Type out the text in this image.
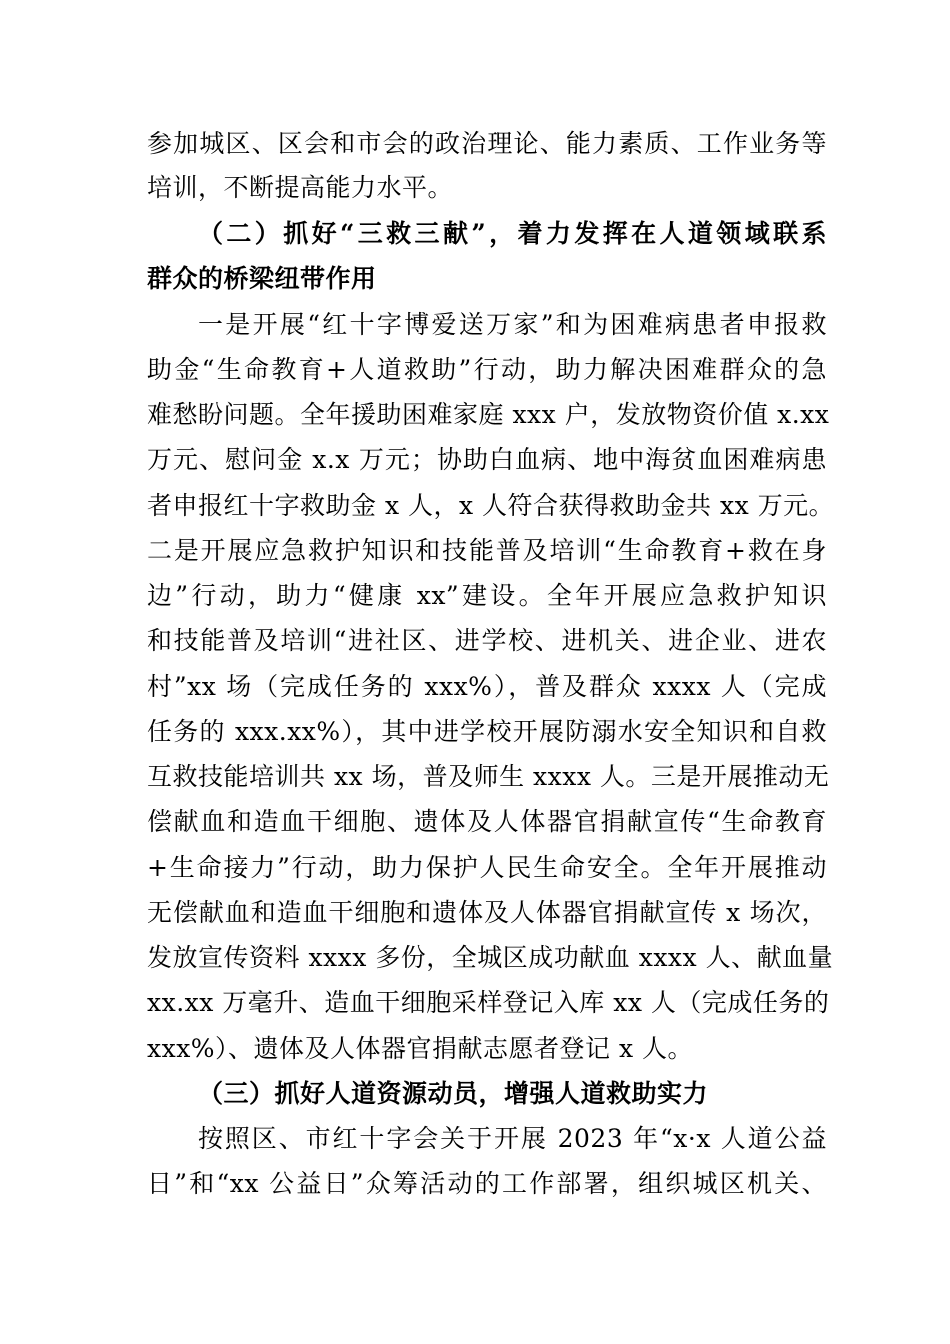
参加城区、区会和市会的政治理论、能力素质、工作业务等
培训，不断提高能力水平。
（二）抓好“三救三献”，着力发挥在人道领域联系
群众的桥梁纽带作用
一是开展“红十字博爱送万家”和为困难病患者申报救
助金“生命教育+人道救助”行动，助力解决困难群众的急
难愁盼问题。全年援助困难家庭 xxx 户，发放物资价值 x.xx
万元、慰问金 x.x 万元；协助白血病、地中海贫血困难病患
者申报红十字救助金 x 人，x 人符合获得救助金共 xx 万元。
二是开展应急救护知识和技能普及培训“生命教育+救在身
边”行动，助力“健康 xx”建设。全年开展应急救护知识
和技能普及培训“进社区、进学校、进机关、进企业、进农
村”xx 场（完成任务的 xxx%），普及群众 xxxx 人（完成
任务的 xxx.xx%），其中进学校开展防溺水安全知识和自救
互救技能培训共 xx 场，普及师生 xxxx 人。三是开展推动无
偿献血和造血干细胞、遗体及人体器官捐献宣传“生命教育
+生命接力”行动，助力保护人民生命安全。全年开展推动
无偿献血和造血干细胞和遗体及人体器官捐献宣传 x 场次，
发放宣传资料 xxxx 多份，全城区成功献血 xxxx 人、献血量
xx.xx 万毫升、造血干细胞采样登记入库 xx 人（完成任务的
xxx%）、遗体及人体器官捐献志愿者登记 x 人。
（三）抓好人道资源动员，增强人道救助实力
按照区、市红十字会关于开展 2023 年“x·x 人道公益
日”和“xx 公益日”众筹活动的工作部署，组织城区机关、
